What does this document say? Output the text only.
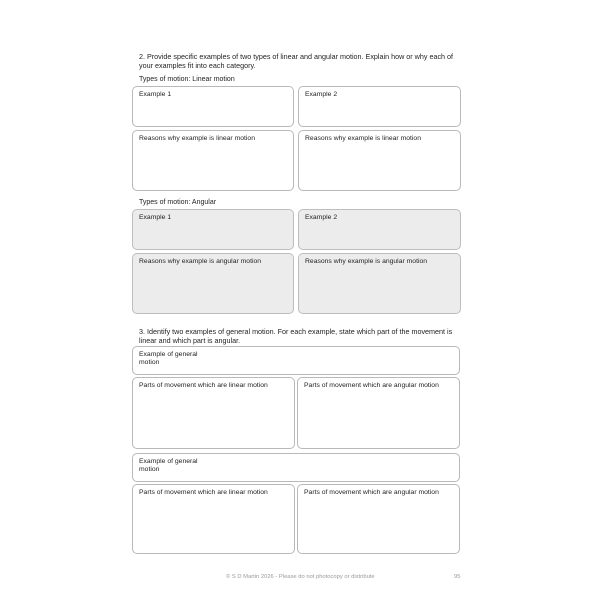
2. Provide specific examples of two types of linear and angular motion. Explain how or why each of
your examples fit into each category.
Types of motion: Linear motion
Example 1	Example 2
Reasons why example is linear motion	Reasons why example is linear motion
Types of motion: Angular
Example 1	Example 2
Reasons why example is angular motion	Reasons why example is angular motion
3. Identify two examples of general motion. For each example, state which part of the movement is
linear and which part is angular.
Example of general motion
Parts of movement which are linear motion	Parts of movement which are angular motion
Example of general motion
Parts of movement which are linear motion	Parts of movement which are angular motion
© S D Martin 2026 - Please do not photocopy or distribute	95
